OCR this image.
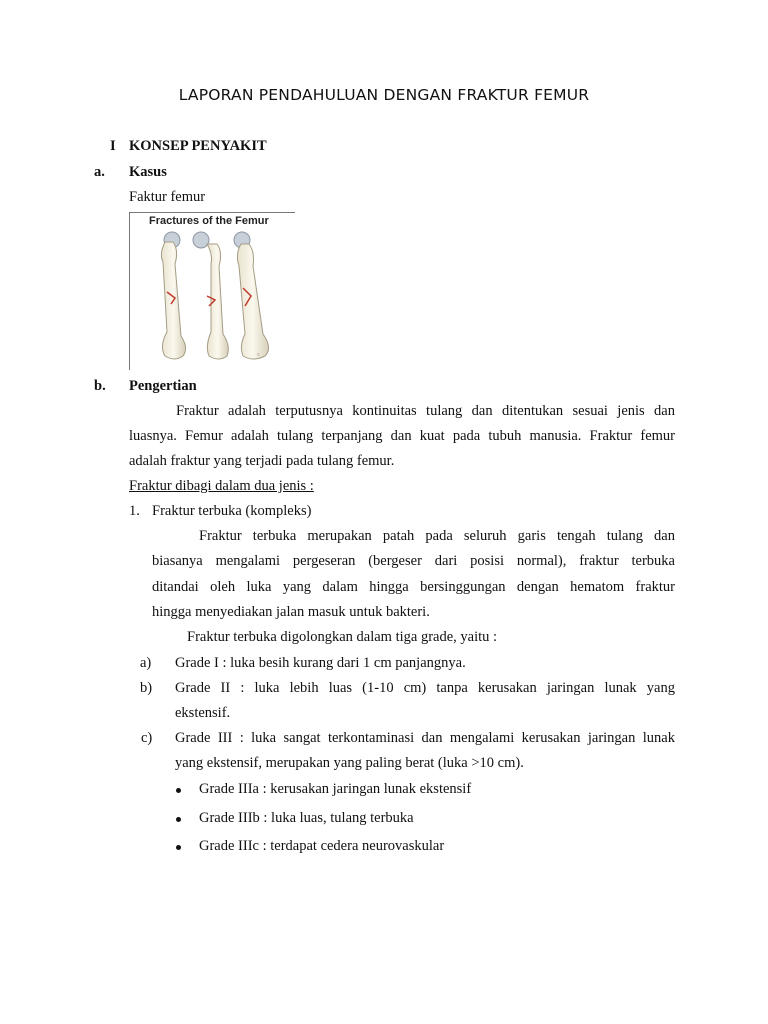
LAPORAN PENDAHULUAN DENGAN FRAKTUR FEMUR
I KONSEP PENYAKIT
a. Kasus
Faktur femur
Fractures of the Femur
©
b. Pengertian
Fraktur adalah terputusnya kontinuitas tulang dan ditentukan sesuai jenis dan
luasnya. Femur adalah tulang terpanjang dan kuat pada tubuh manusia. Fraktur femur
adalah fraktur yang terjadi pada tulang femur.
Fraktur dibagi dalam dua jenis :
1. Fraktur terbuka (kompleks)
Fraktur terbuka merupakan patah pada seluruh garis tengah tulang dan
biasanya mengalami pergeseran (bergeser dari posisi normal), fraktur terbuka
ditandai oleh luka yang dalam hingga bersinggungan dengan hematom fraktur
hingga menyediakan jalan masuk untuk bakteri.
Fraktur terbuka digolongkan dalam tiga grade, yaitu :
a) Grade I : luka besih kurang dari 1 cm panjangnya.
b) Grade II : luka lebih luas (1-10 cm) tanpa kerusakan jaringan lunak yang
ekstensif.
c) Grade III : luka sangat terkontaminasi dan mengalami kerusakan jaringan lunak
yang ekstensif, merupakan yang paling berat (luka >10 cm).
Grade IIIa : kerusakan jaringan lunak ekstensif
Grade IIIb : luka luas, tulang terbuka
Grade IIIc : terdapat cedera neurovaskular
